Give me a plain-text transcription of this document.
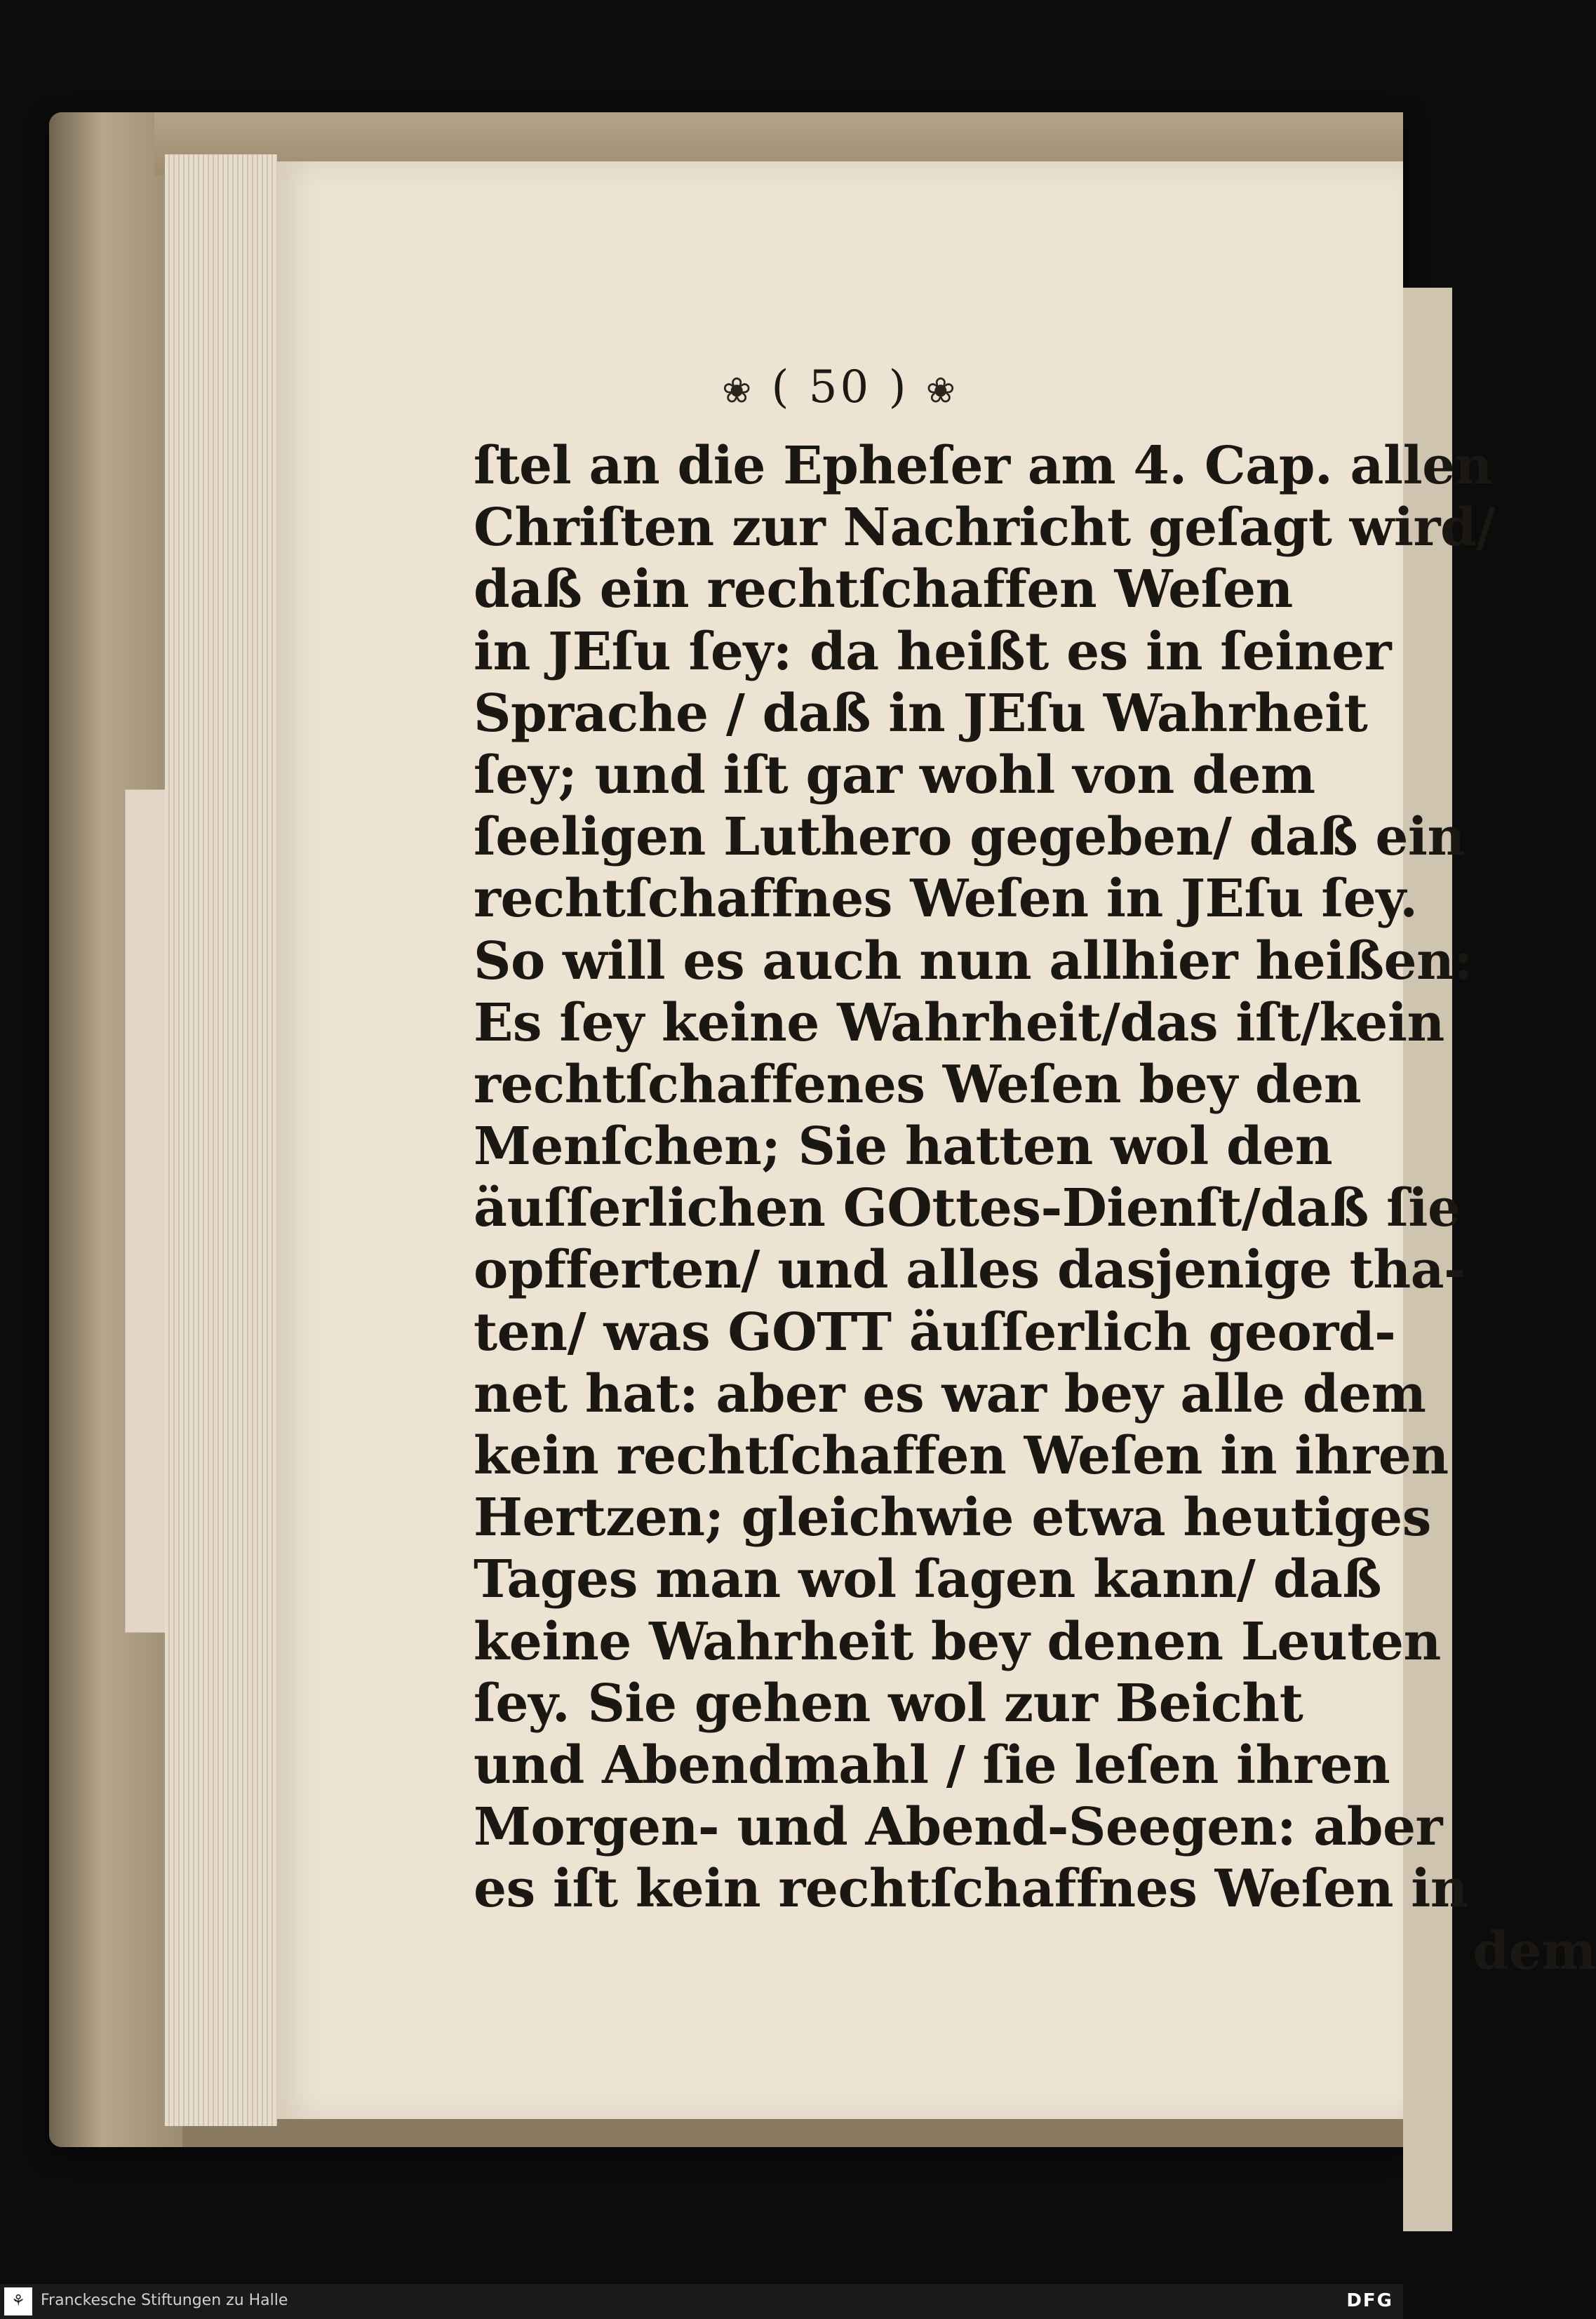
❀ ( 50 ) ❀
ſtel an die Epheſer am 4. Cap. allen
Chriſten zur Nachricht geſagt wird/
daß ein rechtſchaffen Weſen
in JEſu ſey: da heißt es in ſeiner
Sprache / daß in JEſu Wahrheit
ſey; und iſt gar wohl von dem
ſeeligen Luthero gegeben/ daß ein
rechtſchaffnes Weſen in JEſu ſey.
So will es auch nun allhier heißen:
Es ſey keine Wahrheit/das iſt/kein
rechtſchaffenes Weſen bey den
Menſchen; Sie hatten wol den
äuſſerlichen GOttes-Dienſt/daß ſie
opfferten/ und alles dasjenige tha-
ten/ was GOTT äuſſerlich geord-
net hat: aber es war bey alle dem
kein rechtſchaffen Weſen in ihren
Hertzen; gleichwie etwa heutiges
Tages man wol ſagen kann/ daß
keine Wahrheit bey denen Leuten
ſey. Sie gehen wol zur Beicht
und Abendmahl / ſie leſen ihren
Morgen- und Abend-Seegen: aber
es iſt kein rechtſchaffnes Weſen in
dem
⚘	Franckesche Stiftungen zu Halle	DFG
